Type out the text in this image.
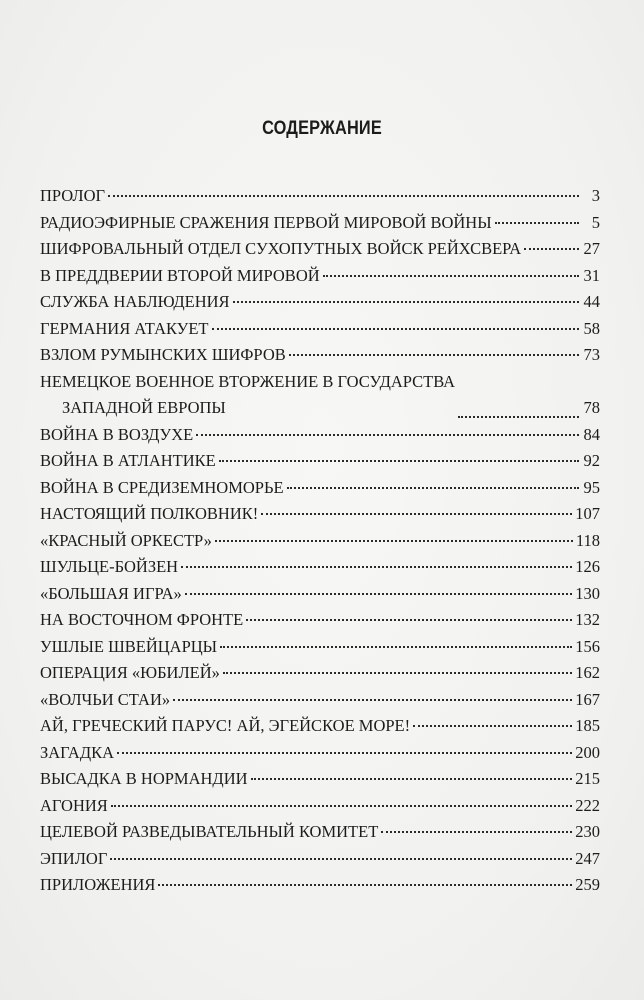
СОДЕРЖАНИЕ
ПРОЛОГ	3
РАДИОЭФИРНЫЕ СРАЖЕНИЯ ПЕРВОЙ МИРОВОЙ ВОЙНЫ	5
ШИФРОВАЛЬНЫЙ ОТДЕЛ СУХОПУТНЫХ ВОЙСК РЕЙХСВЕРА	27
В ПРЕДДВЕРИИ ВТОРОЙ МИРОВОЙ	31
СЛУЖБА НАБЛЮДЕНИЯ	44
ГЕРМАНИЯ АТАКУЕТ	58
ВЗЛОМ РУМЫНСКИХ ШИФРОВ	73
НЕМЕЦКОЕ ВОЕННОЕ ВТОРЖЕНИЕ В ГОСУДАРСТВА
ЗАПАДНОЙ ЕВРОПЫ	78
ВОЙНА В ВОЗДУХЕ	84
ВОЙНА В АТЛАНТИКЕ	92
ВОЙНА В СРЕДИЗЕМНОМОРЬЕ	95
НАСТОЯЩИЙ ПОЛКОВНИК!	107
«КРАСНЫЙ ОРКЕСТР»	118
ШУЛЬЦЕ-БОЙЗЕН	126
«БОЛЬШАЯ ИГРА»	130
НА ВОСТОЧНОМ ФРОНТЕ	132
УШЛЫЕ ШВЕЙЦАРЦЫ	156
ОПЕРАЦИЯ «ЮБИЛЕЙ»	162
«ВОЛЧЬИ СТАИ»	167
АЙ, ГРЕЧЕСКИЙ ПАРУС! АЙ, ЭГЕЙСКОЕ МОРЕ!	185
ЗАГАДКА	200
ВЫСАДКА В НОРМАНДИИ	215
АГОНИЯ	222
ЦЕЛЕВОЙ РАЗВЕДЫВАТЕЛЬНЫЙ КОМИТЕТ	230
ЭПИЛОГ	247
ПРИЛОЖЕНИЯ	259
